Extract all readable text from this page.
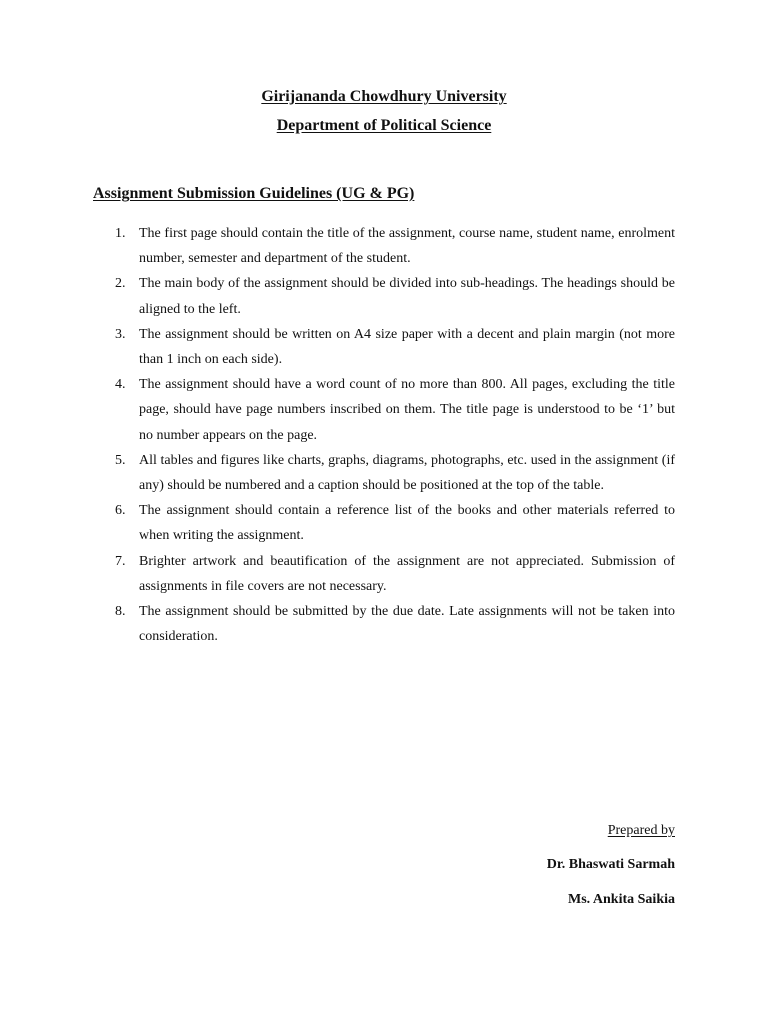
Girijananda Chowdhury University
Department of Political Science
Assignment Submission Guidelines (UG & PG)
1. The first page should contain the title of the assignment, course name, student name, enrolment number, semester and department of the student.
2. The main body of the assignment should be divided into sub-headings. The headings should be aligned to the left.
3. The assignment should be written on A4 size paper with a decent and plain margin (not more than 1 inch on each side).
4. The assignment should have a word count of no more than 800. All pages, excluding the title page, should have page numbers inscribed on them. The title page is understood to be ‘1’ but no number appears on the page.
5. All tables and figures like charts, graphs, diagrams, photographs, etc. used in the assignment (if any) should be numbered and a caption should be positioned at the top of the table.
6. The assignment should contain a reference list of the books and other materials referred to when writing the assignment.
7. Brighter artwork and beautification of the assignment are not appreciated. Submission of assignments in file covers are not necessary.
8. The assignment should be submitted by the due date. Late assignments will not be taken into consideration.

Prepared by

Dr. Bhaswati Sarmah

Ms. Ankita Saikia
